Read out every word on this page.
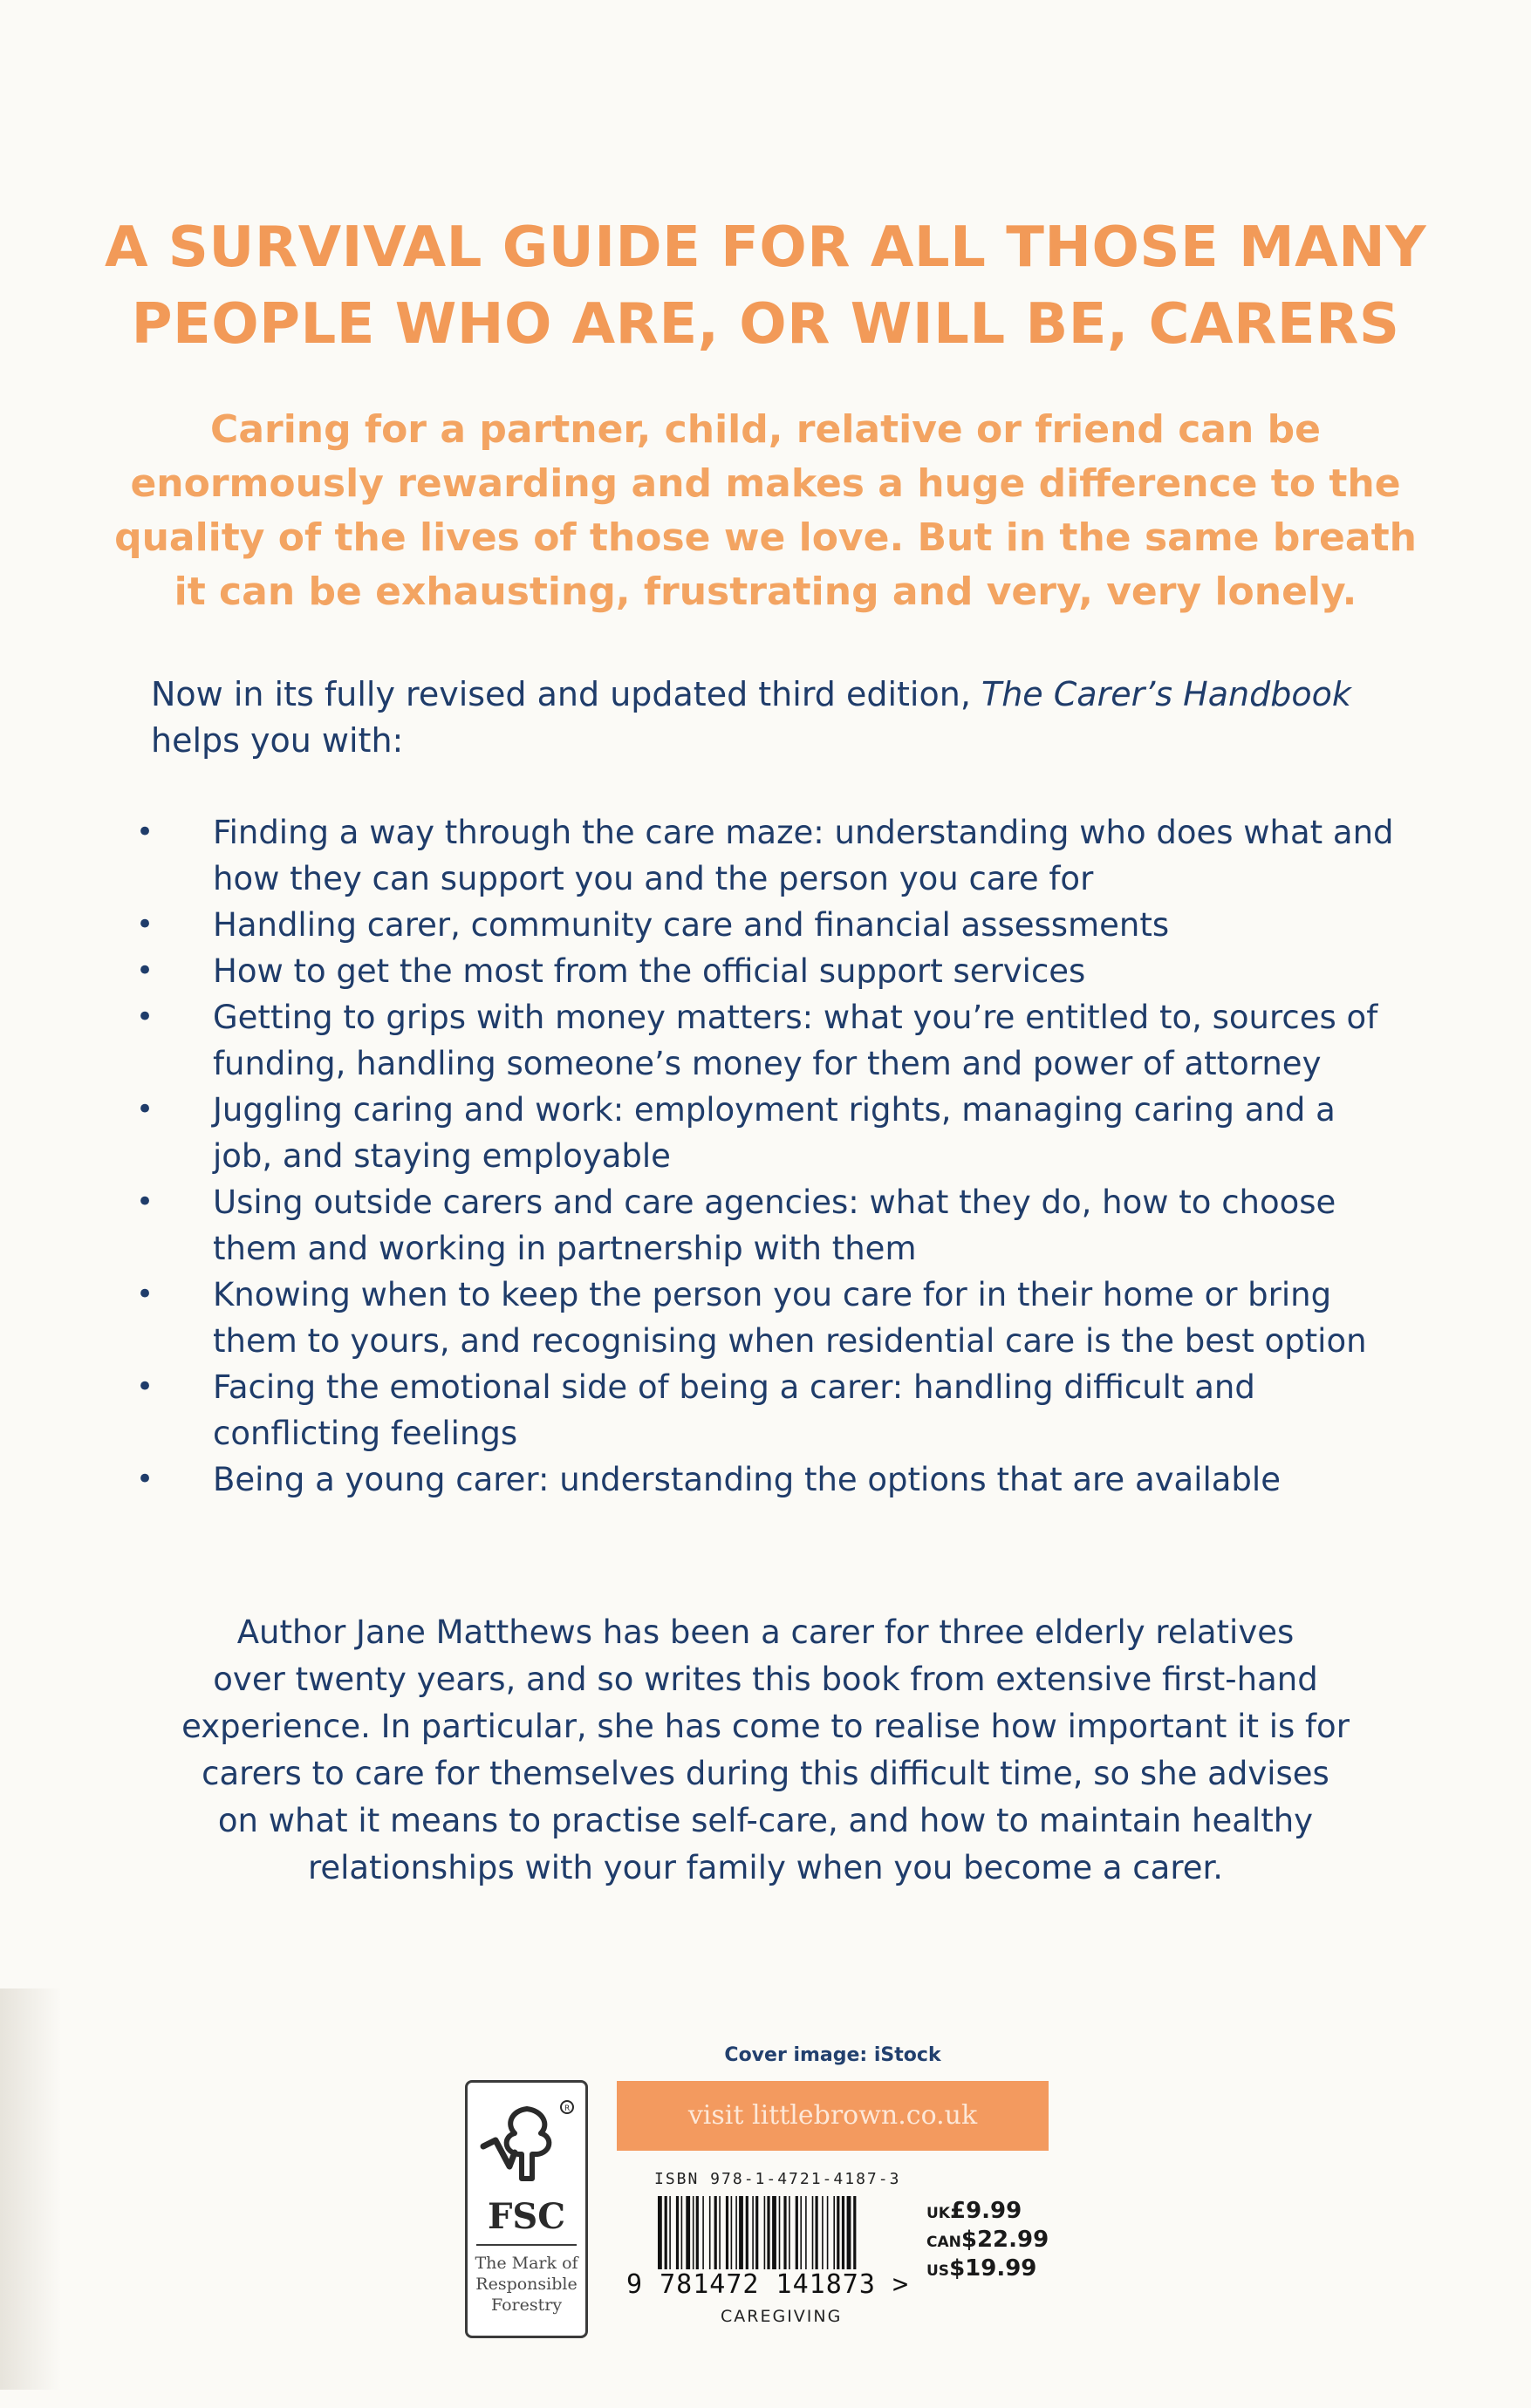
A SURVIVAL GUIDE FOR ALL THOSE MANY
PEOPLE WHO ARE, OR WILL BE, CARERS
Caring for a partner, child, relative or friend can be
enormously rewarding and makes a huge difference to the
quality of the lives of those we love. But in the same breath
it can be exhausting, frustrating and very, very lonely.
Now in its fully revised and updated third edition, The Carer’s Handbook
helps you with:
• Finding a way through the care maze: understanding who does what and how they can support you and the person you care for
• Handling carer, community care and financial assessments
• How to get the most from the official support services
• Getting to grips with money matters: what you’re entitled to, sources of funding, handling someone’s money for them and power of attorney
• Juggling caring and work: employment rights, managing caring and a job, and staying employable
• Using outside carers and care agencies: what they do, how to choose them and working in partnership with them
• Knowing when to keep the person you care for in their home or bring them to yours, and recognising when residential care is the best option
• Facing the emotional side of being a carer: handling difficult and conflicting feelings
• Being a young carer: understanding the options that are available
Author Jane Matthews has been a carer for three elderly relatives
over twenty years, and so writes this book from extensive first-hand
experience. In particular, she has come to realise how important it is for
carers to care for themselves during this difficult time, so she advises
on what it means to practise self-care, and how to maintain healthy
relationships with your family when you become a carer.
R
FSC
The Mark of
Responsible
Forestry
Cover image: iStock
visit littlebrown.co.uk
ISBN 978-1-4721-4187-3
9 781472 141873 >
CAREGIVING
UK£9.99
CAN$22.99
US$19.99
